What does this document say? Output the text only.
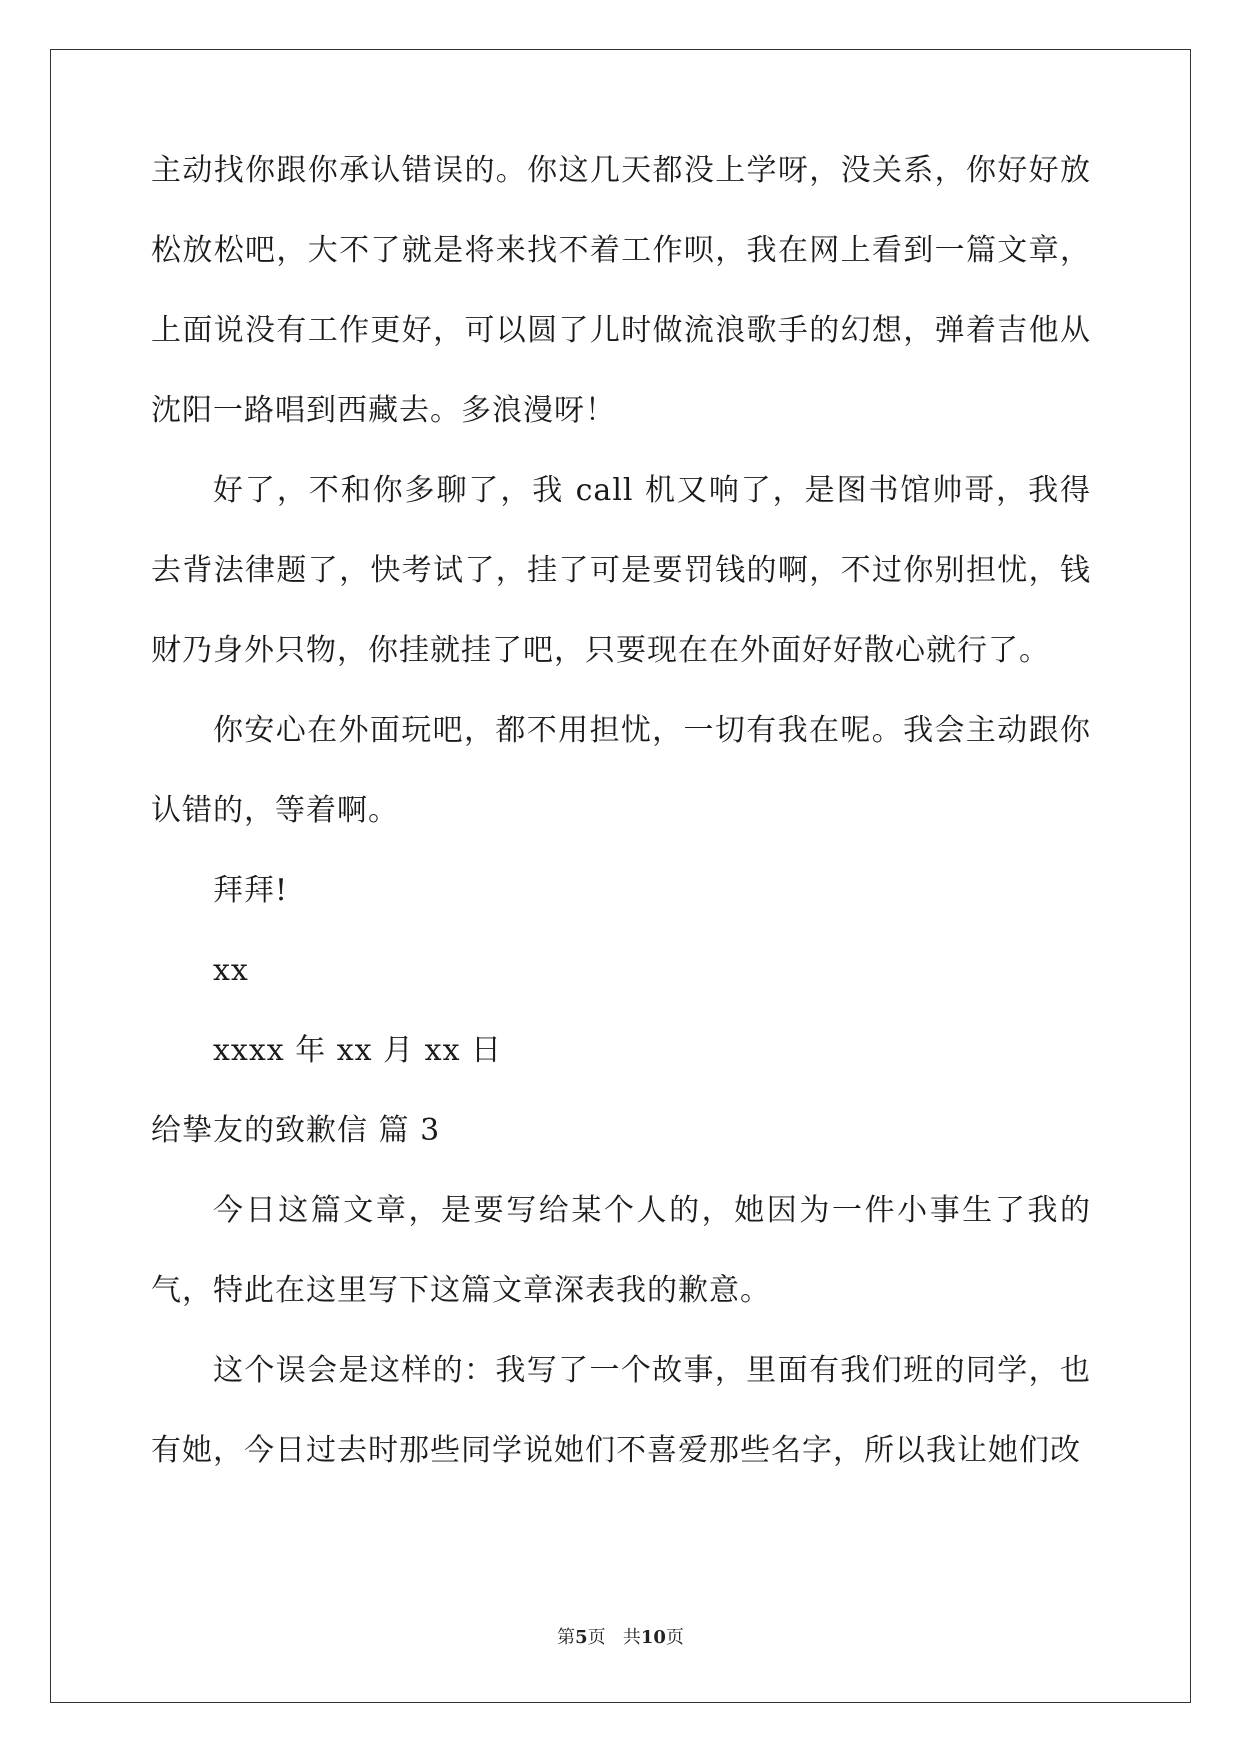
主动找你跟你承认错误的。你这几天都没上学呀，没关系，你好好放松放松吧，大不了就是将来找不着工作呗，我在网上看到一篇文章，上面说没有工作更好，可以圆了儿时做流浪歌手的幻想，弹着吉他从沈阳一路唱到西藏去。多浪漫呀！

好了，不和你多聊了，我 call 机又响了，是图书馆帅哥，我得去背法律题了，快考试了，挂了可是要罚钱的啊，不过你别担忧，钱财乃身外只物，你挂就挂了吧，只要现在在外面好好散心就行了。

你安心在外面玩吧，都不用担忧，一切有我在呢。我会主动跟你认错的，等着啊。

拜拜!

xx

xxxx 年 xx 月 xx 日

给挚友的致歉信 篇 3

今日这篇文章，是要写给某个人的，她因为一件小事生了我的气，特此在这里写下这篇文章深表我的歉意。

这个误会是这样的：我写了一个故事，里面有我们班的同学，也有她，今日过去时那些同学说她们不喜爱那些名字，所以我让她们改

第5页 共10页
